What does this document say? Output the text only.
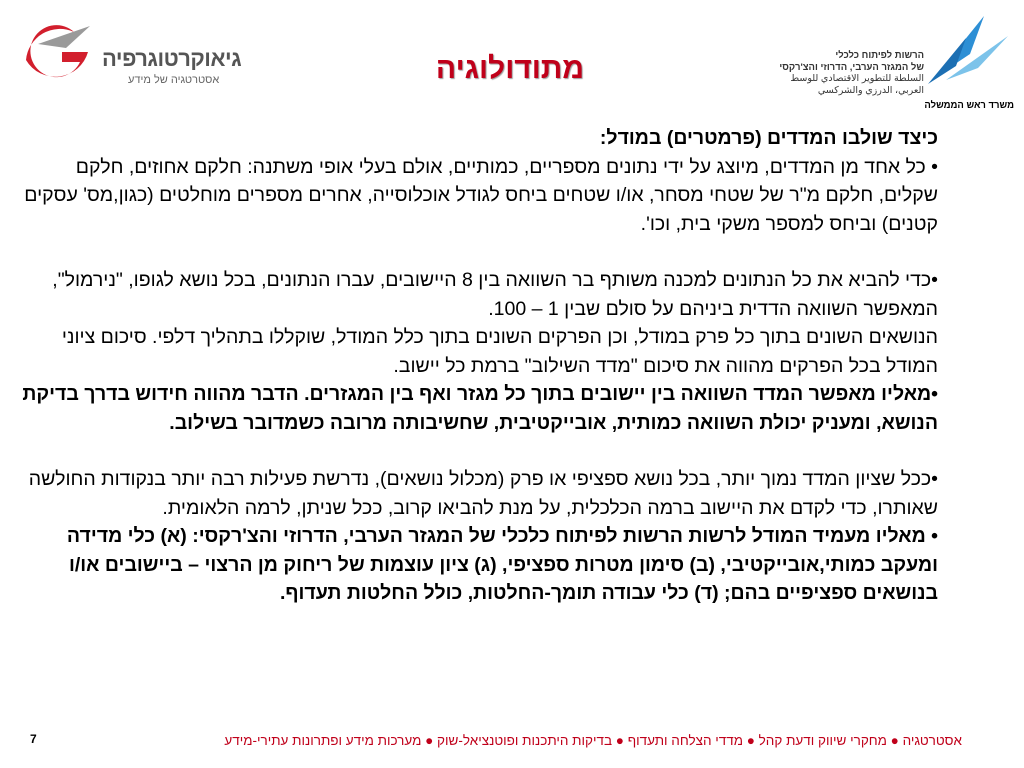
גיאוקרטוגרפיה
אסטרטגיה של מידע	מתודולוגיה	הרשות לפיתוח כלכלי
של המגזר הערבי, הדרוזי והצ'רקסי
السلطة للتطوير الاقتصادي للوسط
العربي، الدرزي والشركسي
משרד ראש הממשלה

כיצד שולבו המדדים (פרמטרים) במודל:

• כל אחד מן המדדים, מיוצג על ידי נתונים מספריים, כמותיים, אולם בעלי אופי משתנה: חלקם אחוזים, חלקם שקלים, חלקם מ"ר של שטחי מסחר, או/ו שטחים ביחס לגודל אוכלוסייה, אחרים מספרים מוחלטים (כגון,מס' עסקים קטנים) וביחס למספר משקי בית, וכו'.

•כדי להביא את כל הנתונים למכנה משותף בר השוואה בין 8 היישובים, עברו הנתונים, בכל נושא לגופו, "נירמול", המאפשר השוואה הדדית ביניהם על סולם שבין 1 – 100.

הנושאים השונים בתוך כל פרק במודל, וכן הפרקים השונים בתוך כלל המודל, שוקללו בתהליך דלפי. סיכום ציוני המודל בכל הפרקים מהווה את סיכום "מדד השילוב" ברמת כל יישוב.

•מאליו מאפשר המדד השוואה בין יישובים בתוך כל מגזר ואף בין המגזרים. הדבר מהווה חידוש בדרך בדיקת הנושא, ומעניק יכולת השוואה כמותית, אובייקטיבית, שחשיבותה מרובה כשמדובר בשילוב.

•ככל שציון המדד נמוך יותר, בכל נושא ספציפי או פרק (מכלול נושאים), נדרשת פעילות רבה יותר בנקודות החולשה שאותרו, כדי לקדם את היישוב ברמה הכלכלית, על מנת להביאו קרוב, ככל שניתן, לרמה הלאומית.

• מאליו מעמיד המודל לרשות הרשות לפיתוח כלכלי של המגזר הערבי, הדרוזי והצ'רקסי: (א) כלי מדידה ומעקב כמותי,אובייקטיבי, (ב) סימון מטרות ספציפי, (ג) ציון עוצמות של ריחוק מן הרצוי – ביישובים או/ו בנושאים ספציפיים בהם; (ד) כלי עבודה תומך-החלטות, כולל החלטות תעדוף.

7	אסטרטגיה ● מחקרי שיווק ודעת קהל ● מדדי הצלחה ותעדוף ● בדיקות היתכנות ופוטנציאל-שוק ● מערכות מידע ופתרונות עתירי-מידע
